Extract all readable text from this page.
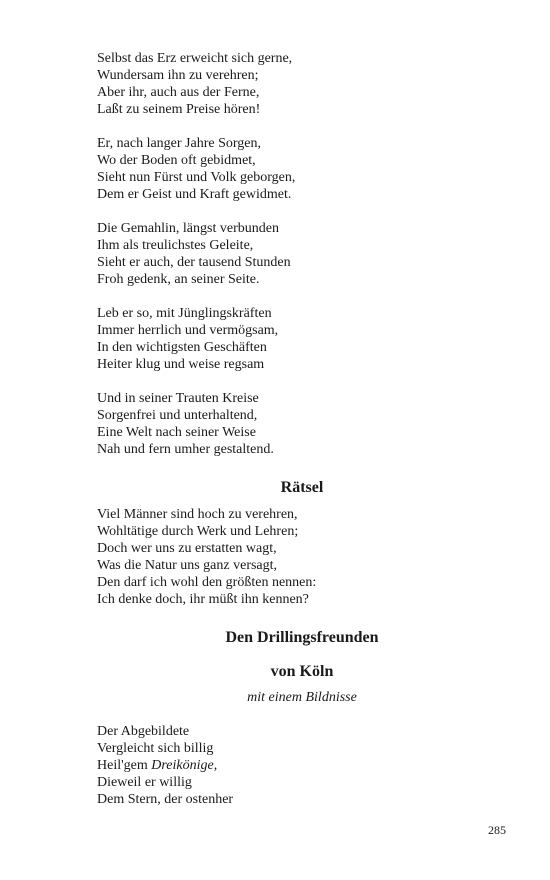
Selbst das Erz erweicht sich gerne,
Wundersam ihn zu verehren;
Aber ihr, auch aus der Ferne,
Laßt zu seinem Preise hören!
Er, nach langer Jahre Sorgen,
Wo der Boden oft gebidmet,
Sieht nun Fürst und Volk geborgen,
Dem er Geist und Kraft gewidmet.
Die Gemahlin, längst verbunden
Ihm als treulichstes Geleite,
Sieht er auch, der tausend Stunden
Froh gedenk, an seiner Seite.
Leb er so, mit Jünglingskräften
Immer herrlich und vermögsam,
In den wichtigsten Geschäften
Heiter klug und weise regsam
Und in seiner Trauten Kreise
Sorgenfrei und unterhaltend,
Eine Welt nach seiner Weise
Nah und fern umher gestaltend.
Rätsel
Viel Männer sind hoch zu verehren,
Wohltätige durch Werk und Lehren;
Doch wer uns zu erstatten wagt,
Was die Natur uns ganz versagt,
Den darf ich wohl den größten nennen:
Ich denke doch, ihr müßt ihn kennen?
Den Drillingsfreunden
von Köln
mit einem Bildnisse
Der Abgebildete
Vergleicht sich billig
Heil'gem Dreikönige,
Dieweil er willig
Dem Stern, der ostenher
285
